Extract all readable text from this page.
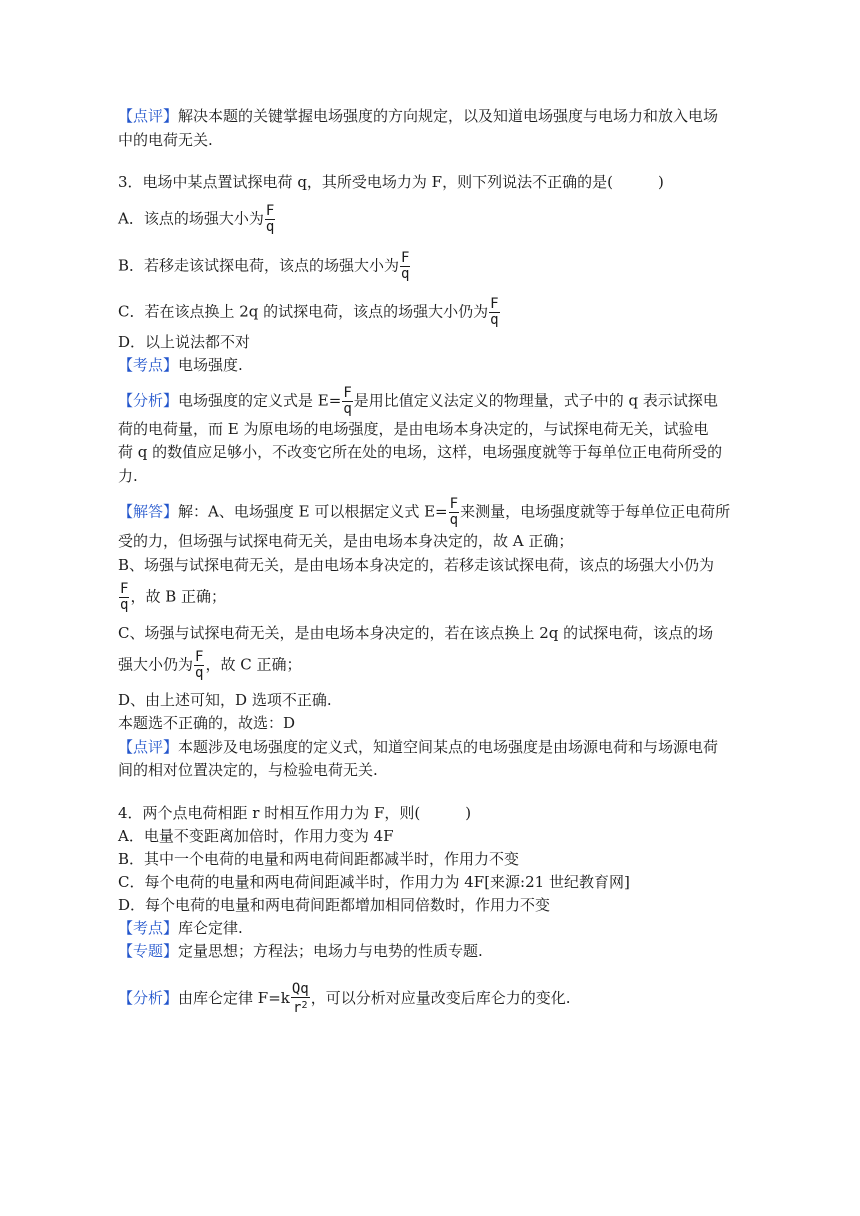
【点评】解决本题的关键掌握电场强度的方向规定，以及知道电场强度与电场力和放入电场
中的电荷无关.
3．电场中某点置试探电荷 q，其所受电场力为 F，则下列说法不正确的是(　　　)
A．该点的场强大小为 $\frac{F}{q}$
B．若移走该试探电荷，该点的场强大小为 $\frac{F}{q}$
C．若在该点换上 2q 的试探电荷，该点的场强大小仍为 $\frac{F}{q}$
D．以上说法都不对
【考点】电场强度.
【分析】电场强度的定义式是 $E= \frac{F}{q}$ 是用比值定义法定义的物理量，式子中的 q 表示试探电
荷的电荷量，而 E 为原电场的电场强度，是由电场本身决定的，与试探电荷无关，试验电
荷 q 的数值应足够小，不改变它所在处的电场，这样，电场强度就等于每单位正电荷所受的
力.
【解答】解：A、电场强度 E 可以根据定义式 $E= \frac{F}{q}$ 来测量，电场强度就等于每单位正电荷所
受的力，但场强与试探电荷无关，是由电场本身决定的，故 A 正确；
B、场强与试探电荷无关，是由电场本身决定的，若移走该试探电荷，该点的场强大小仍为
$\frac{F}{q}$ ，故 B 正确；
C、场强与试探电荷无关，是由电场本身决定的，若在该点换上 2q 的试探电荷，该点的场
强大小仍为 $\frac{F}{q}$ ，故 C 正确；
D、由上述可知，D 选项不正确.
本题选不正确的，故选：D
【点评】本题涉及电场强度的定义式，知道空间某点的电场强度是由场源电荷和与场源电荷
间的相对位置决定的，与检验电荷无关.
4．两个点电荷相距 r 时相互作用力为 F，则(　　　)
A．电量不变距离加倍时，作用力变为 4F
B．其中一个电荷的电量和两电荷间距都减半时，作用力不变
C．每个电荷的电量和两电荷间距减半时，作用力为 4F[来源:21 世纪教育网]
D．每个电荷的电量和两电荷间距都增加相同倍数时，作用力不变
【考点】库仑定律.
【专题】定量思想；方程法；电场力与电势的性质专题.
【分析】由库仑定律 $F=k \frac{Qq}{r^2}$ ，可以分析对应量改变后库仑力的变化.
